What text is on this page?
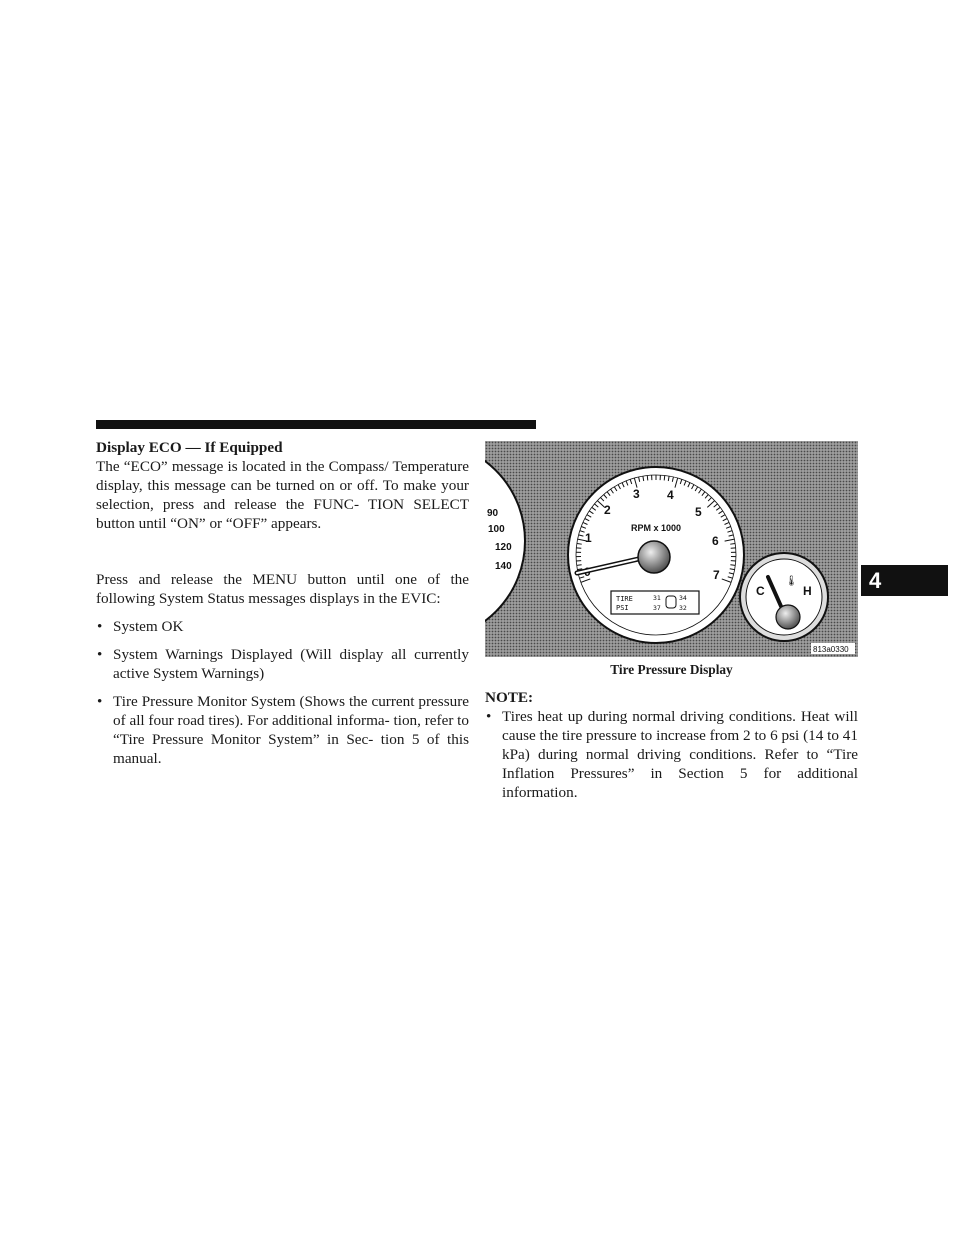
Display ECO — If Equipped

The “ECO” message is located in the Compass/ Temperature display, this message can be turned on or off. To make your selection, press and release the FUNC- TION SELECT button until “ON” or “OFF” appears.

Press and release the MENU button until one of the following System Status messages displays in the EVIC:

• System OK
• System Warnings Displayed (Will display all currently active System Warnings)
• Tire Pressure Monitor System (Shows the current pressure of all four road tires). For additional informa- tion, refer to “Tire Pressure Monitor System” in Sec- tion 5 of this manual.
90
100
120
140
1
2
3 4
5
6
7
RPM x 1000
TIRE
PSI
31	34
37	32
C	H
🌡
813a0330
Tire Pressure Display
NOTE:
• Tires heat up during normal driving conditions. Heat will cause the tire pressure to increase from 2 to 6 psi (14 to 41 kPa) during normal driving conditions. Refer to “Tire Inflation Pressures” in Section 5 for additional information.
4
